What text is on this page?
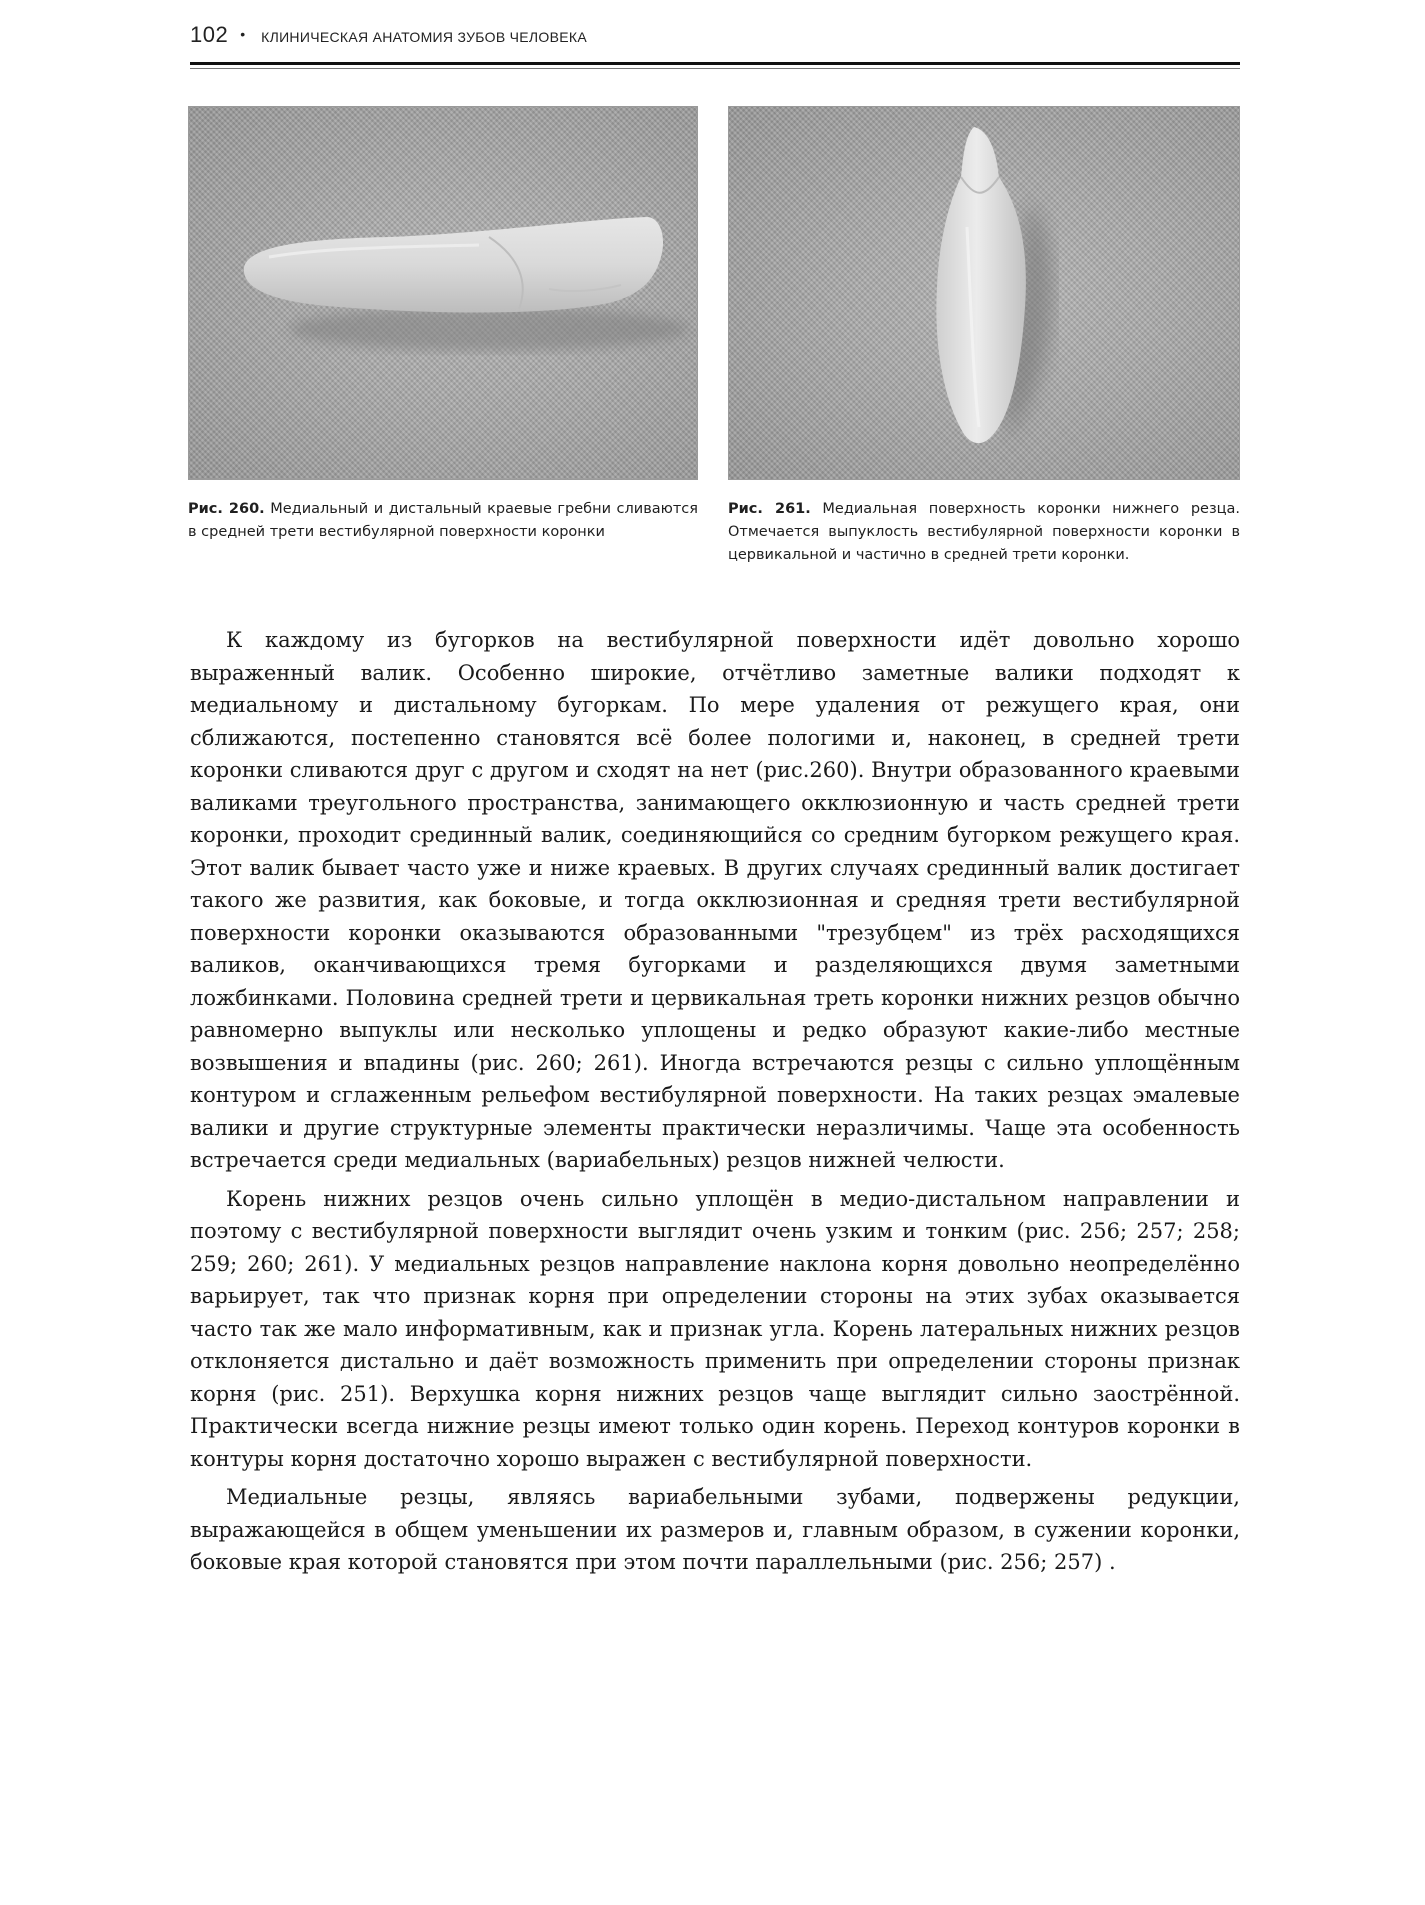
102 • КЛИНИЧЕСКАЯ АНАТОМИЯ ЗУБОВ ЧЕЛОВЕКА
Рис. 260. Медиальный и дистальный краевые гребни сливаются в средней трети вестибулярной поверхности коронки
Рис. 261. Медиальная поверхность коронки нижнего резца. Отмечается выпуклость вестибулярной поверхности коронки в цервикальной и частично в средней трети коронки.

К каждому из бугорков на вестибулярной поверхности идёт довольно хорошо выраженный валик. Особенно широкие, отчётливо заметные валики подходят к медиальному и дистальному бугоркам. По мере удаления от режущего края, они сближаются, постепенно становятся всё более пологими и, наконец, в средней трети коронки сливаются друг с другом и сходят на нет (рис.260). Внутри образованного краевыми валиками треугольного пространства, занимающего окклюзионную и часть средней трети коронки, проходит срединный валик, соединяющийся со средним бугорком режущего края. Этот валик бывает часто уже и ниже краевых. В других случаях срединный валик достигает такого же развития, как боковые, и тогда окклюзионная и средняя трети вестибулярной поверхности коронки оказываются образованными "трезубцем" из трёх расходящихся валиков, оканчивающихся тремя бугорками и разделяющихся двумя заметными ложбинками. Половина средней трети и цервикальная треть коронки нижних резцов обычно равномерно выпуклы или несколько уплощены и редко образуют какие-либо местные возвышения и впадины (рис. 260; 261). Иногда встречаются резцы с сильно уплощённым контуром и сглаженным рельефом вестибулярной поверхности. На таких резцах эмалевые валики и другие структурные элементы практически неразличимы. Чаще эта особенность встречается среди медиальных (вариабельных) резцов нижней челюсти.

Корень нижних резцов очень сильно уплощён в медио-дистальном направлении и поэтому с вестибулярной поверхности выглядит очень узким и тонким (рис. 256; 257; 258; 259; 260; 261). У медиальных резцов направление наклона корня довольно неопределённо варьирует, так что признак корня при определении стороны на этих зубах оказывается часто так же мало информативным, как и признак угла. Корень латеральных нижних резцов отклоняется дистально и даёт возможность применить при определении стороны признак корня (рис. 251). Верхушка корня нижних резцов чаще выглядит сильно заострённой. Практически всегда нижние резцы имеют только один корень. Переход контуров коронки в контуры корня достаточно хорошо выражен с вестибулярной поверхности.

Медиальные резцы, являясь вариабельными зубами, подвержены редукции, выражающейся в общем уменьшении их размеров и, главным образом, в сужении коронки, боковые края которой становятся при этом почти параллельными (рис. 256; 257) .
